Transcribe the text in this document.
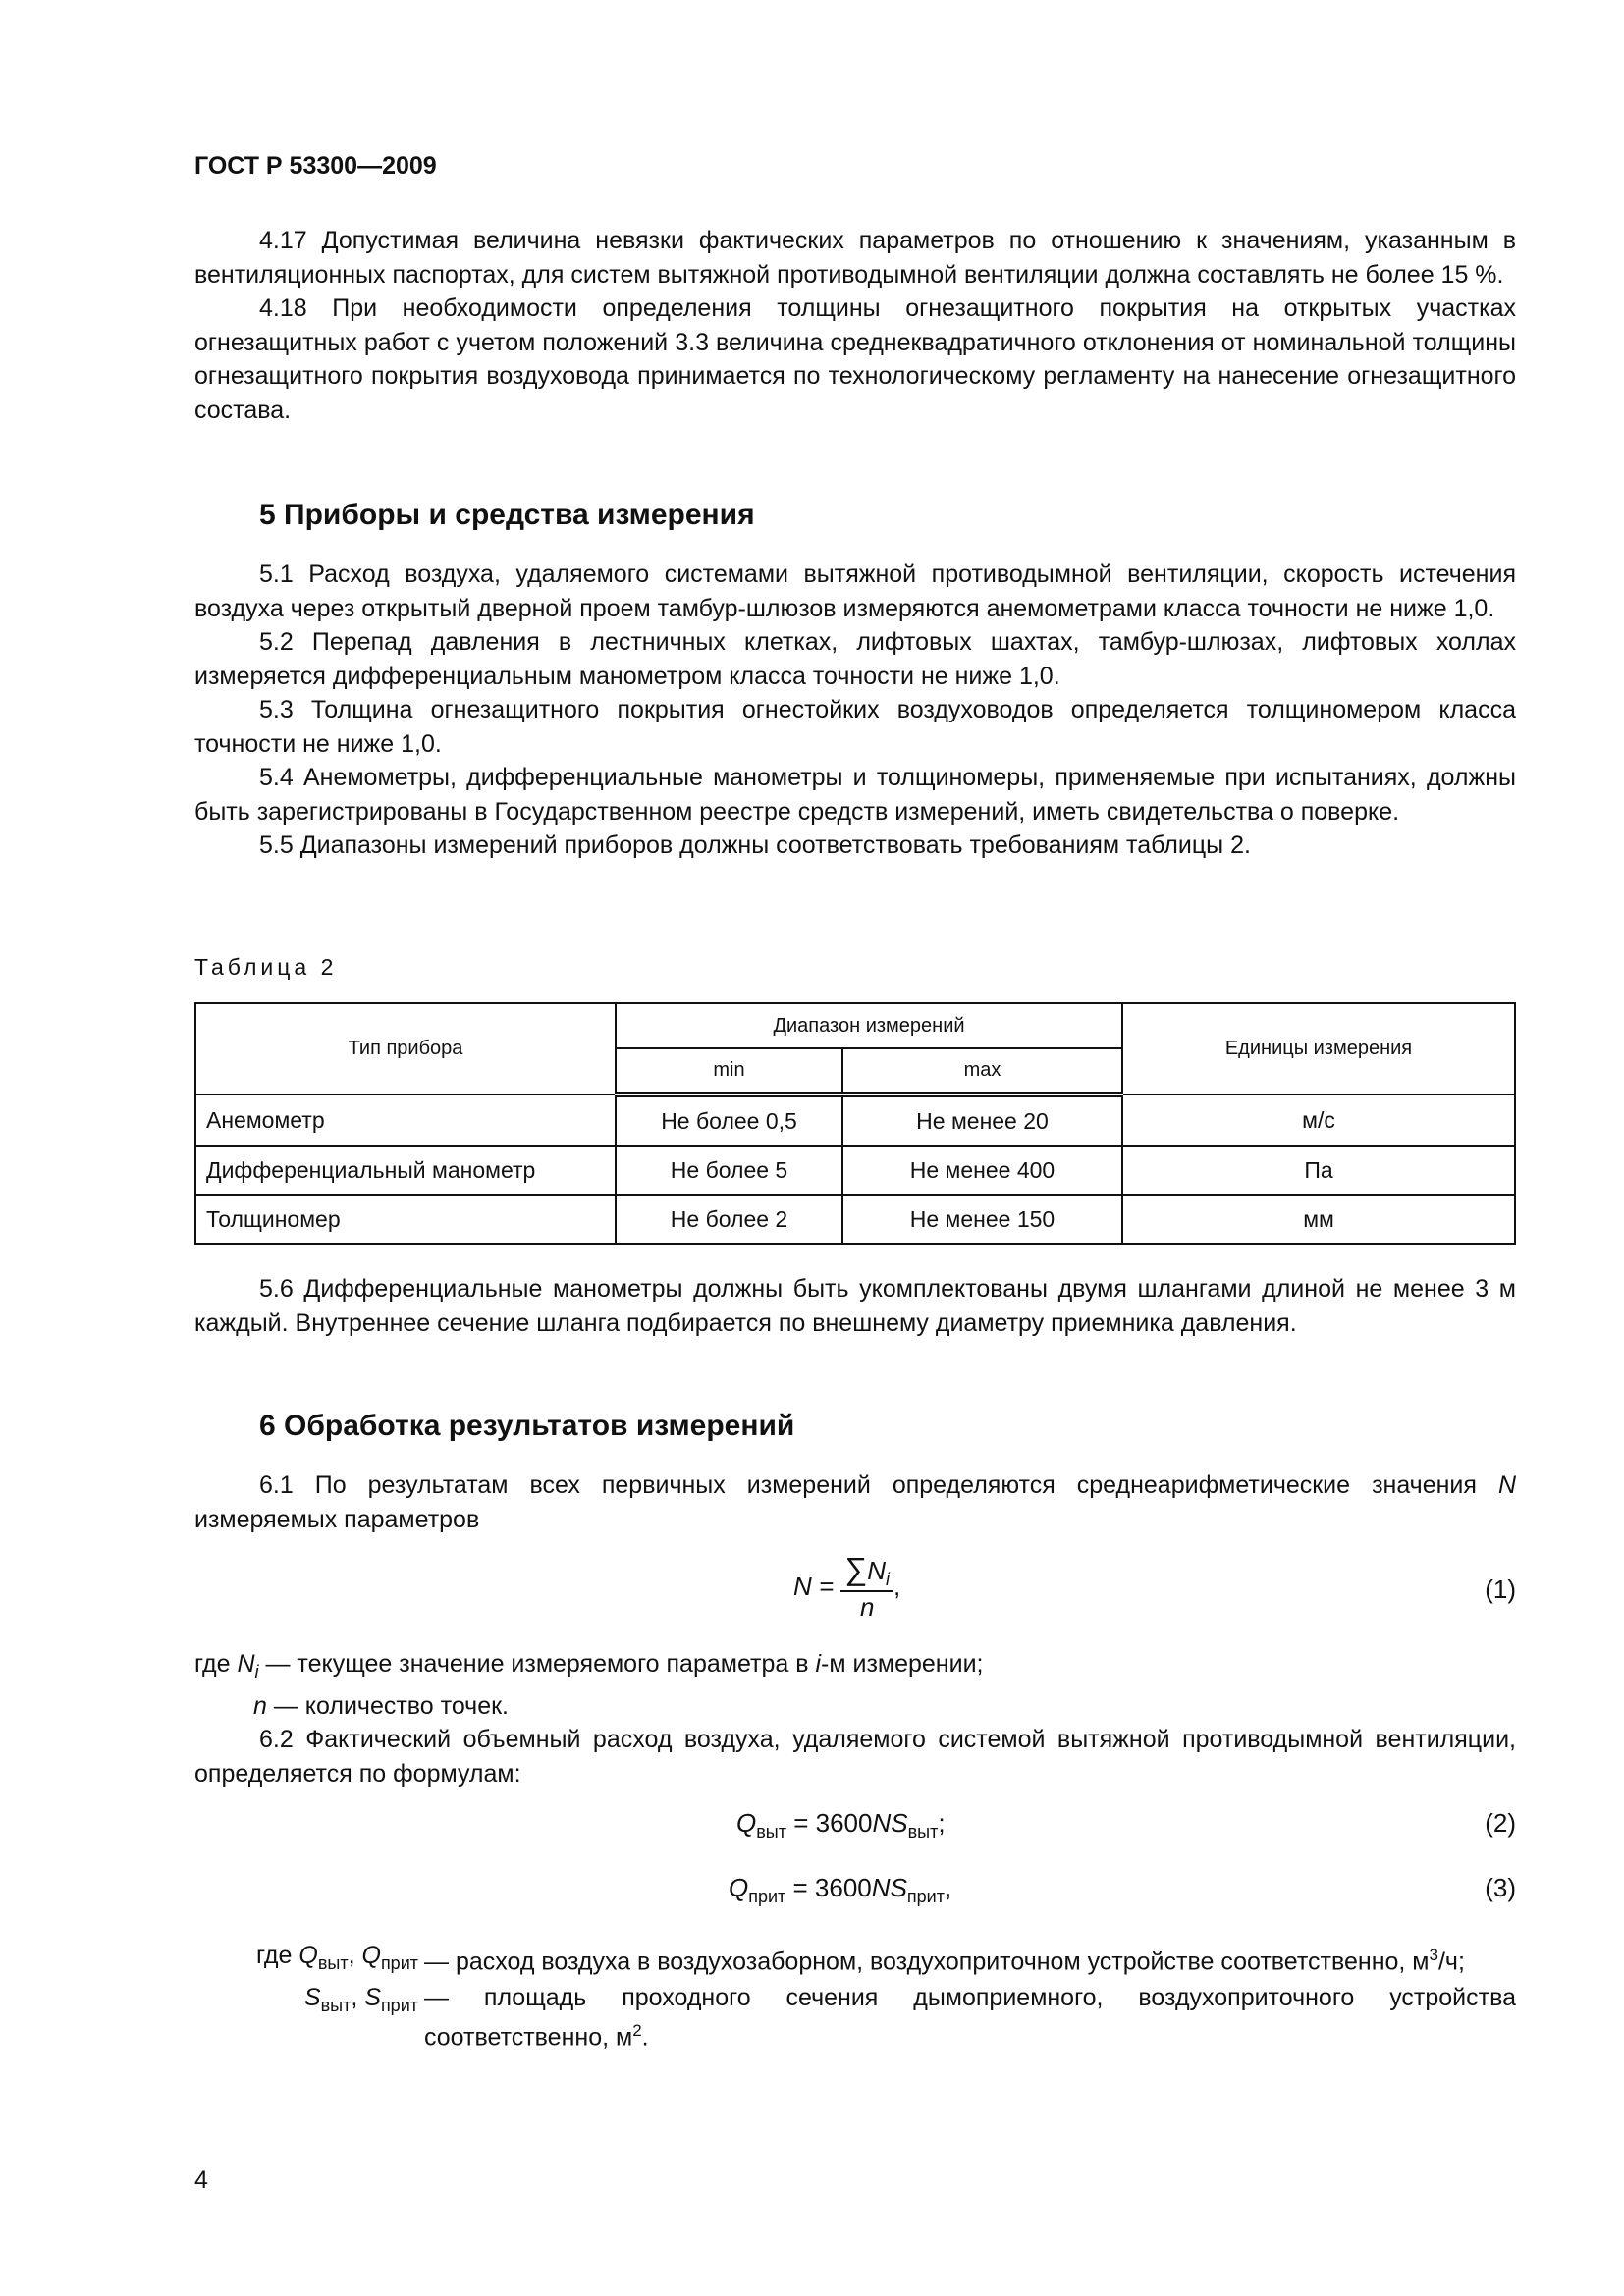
ГОСТ Р 53300—2009

4.17 Допустимая величина невязки фактических параметров по отношению к значениям, указанным в вентиляционных паспортах, для систем вытяжной противодымной вентиляции должна составлять не более 15 %.

4.18 При необходимости определения толщины огнезащитного покрытия на открытых участках огнезащитных работ с учетом положений 3.3 величина среднеквадратичного отклонения от номинальной толщины огнезащитного покрытия воздуховода принимается по технологическому регламенту на нанесение огнезащитного состава.

5 Приборы и средства измерения

5.1 Расход воздуха, удаляемого системами вытяжной противодымной вентиляции, скорость истечения воздуха через открытый дверной проем тамбур-шлюзов измеряются анемометрами класса точности не ниже 1,0.

5.2 Перепад давления в лестничных клетках, лифтовых шахтах, тамбур-шлюзах, лифтовых холлах измеряется дифференциальным манометром класса точности не ниже 1,0.

5.3 Толщина огнезащитного покрытия огнестойких воздуховодов определяется толщиномером класса точности не ниже 1,0.

5.4 Анемометры, дифференциальные манометры и толщиномеры, применяемые при испытаниях, должны быть зарегистрированы в Государственном реестре средств измерений, иметь свидетельства о поверке.

5.5 Диапазоны измерений приборов должны соответствовать требованиям таблицы 2.

Таблица 2
Тип прибора	Диапазон измерений		Единицы измерения
	min	max	
Анемометр	Не более 0,5	Не менее 20	м/с
Дифференциальный манометр	Не более 5	Не менее 400	Па
Толщиномер	Не более 2	Не менее 150	мм

5.6 Дифференциальные манометры должны быть укомплектованы двумя шлангами длиной не менее 3 м каждый. Внутреннее сечение шланга подбирается по внешнему диаметру приемника давления.

6 Обработка результатов измерений

6.1 По результатам всех первичных измерений определяются среднеарифметические значения N измеряемых параметров

$N = \frac{\sum N_i}{n}$ ,	(1)
где $N_i$ — текущее значение измеряемого параметра в i-м измерении;
n — количество точек.

6.2 Фактический объемный расход воздуха, удаляемого системой вытяжной противодымной вентиляции, определяется по формулам:

$Q_{выт} = 3600NS_{выт}$;	(2)
$Q_{прит} = 3600NS_{прит}$,	(3)
где $Q_{выт}$, $Q_{прит}$ — расход воздуха в воздухозаборном, воздухоприточном устройстве соответственно, $м^3/ч$;
$S_{выт}$, $S_{прит}$ — площадь проходного сечения дымоприемного, воздухоприточного устройства соответственно, $м^2$.
4
